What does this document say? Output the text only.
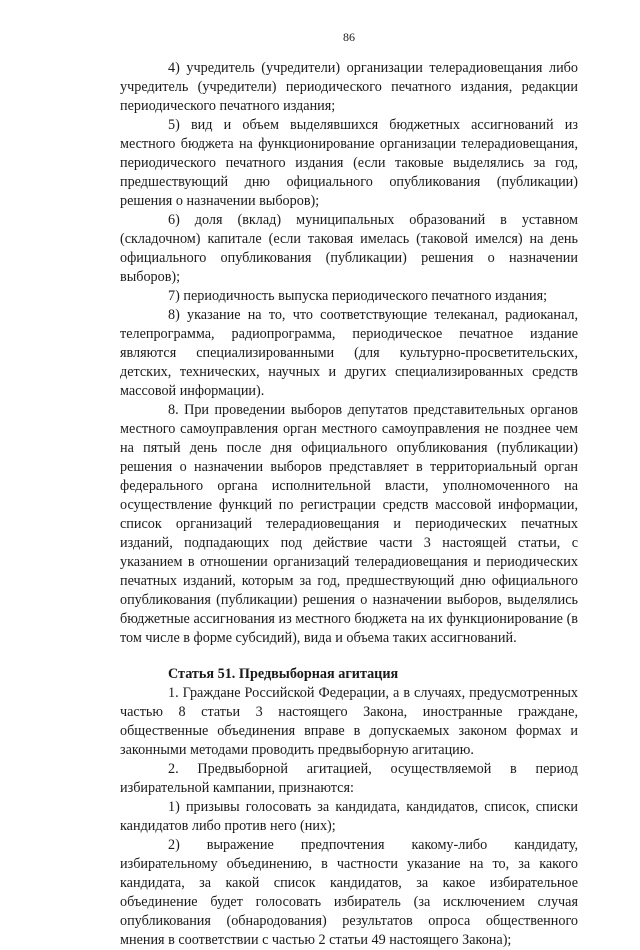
86

4) учредитель (учредители) организации телерадиовещания либо учредитель (учредители) периодического печатного издания, редакции периодического печатного издания;

5) вид и объем выделявшихся бюджетных ассигнований из местного бюджета на функционирование организации телерадиовещания, периодического печатного издания (если таковые выделялись за год, предшествующий дню официального опубликования (публикации) решения о назначении выборов);

6) доля (вклад) муниципальных образований в уставном (складочном) капитале (если таковая имелась (таковой имелся) на день официального опубликования (публикации) решения о назначении выборов);

7) периодичность выпуска периодического печатного издания;

8) указание на то, что соответствующие телеканал, радиоканал, телепрограмма, радиопрограмма, периодическое печатное издание являются специализированными (для культурно-просветительских, детских, технических, научных и других специализированных средств массовой информации).

8. При проведении выборов депутатов представительных органов местного самоуправления орган местного самоуправления не позднее чем на пятый день после дня официального опубликования (публикации) решения о назначении выборов представляет в территориальный орган федерального органа исполнительной власти, уполномоченного на осуществление функций по регистрации средств массовой информации, список организаций телерадиовещания и периодических печатных изданий, подпадающих под действие части 3 настоящей статьи, с указанием в отношении организаций телерадиовещания и периодических печатных изданий, которым за год, предшествующий дню официального опубликования (публикации) решения о назначении выборов, выделялись бюджетные ассигнования из местного бюджета на их функционирование (в том числе в форме субсидий), вида и объема таких ассигнований.

Статья 51. Предвыборная агитация

1. Граждане Российской Федерации, а в случаях, предусмотренных частью 8 статьи 3 настоящего Закона, иностранные граждане, общественные объединения вправе в допускаемых законом формах и законными методами проводить предвыборную агитацию.

2. Предвыборной агитацией, осуществляемой в период избирательной кампании, признаются:

1) призывы голосовать за кандидата, кандидатов, список, списки кандидатов либо против него (них);

2) выражение предпочтения какому-либо кандидату, избирательному объединению, в частности указание на то, за какого кандидата, за какой список кандидатов, за какое избирательное объединение будет голосовать избиратель (за исключением случая опубликования (обнародования) результатов опроса общественного мнения в соответствии с частью 2 статьи 49 настоящего Закона);
